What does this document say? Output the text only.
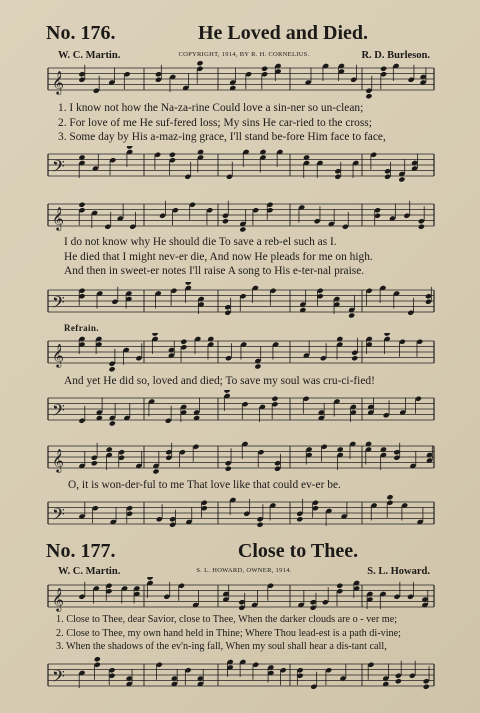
No. 176.	He Loved and Died.
W. C. Martin.	COPYRIGHT, 1914, BY R. H. CORNELIUS.	R. D. Burleson.
𝄞
1. I know not how the Na-za-rine Could love a sin-ner so un-clean;
2. For love of me He suf-fered loss; My sins He car-ried to the cross;
3. Some day by His a-maz-ing grace, I'll stand be-fore Him face to face,
𝄢
𝄞
I do not know why He should die To save a reb-el such as I.
He died that I might nev-er die, And now He pleads for me on high.
And then in sweet-er notes I'll raise A song to His e-ter-nal praise.
𝄢
Refrain.
𝄞
And yet He did so, loved and died; To save my soul was cru-ci-fied!
𝄢
𝄞
O, it is won-der-ful to me That love like that could ev-er be.
𝄢
No. 177.	Close to Thee.
W. C. Martin.	S. L. HOWARD, OWNER, 1914.	S. L. Howard.
𝄞
1. Close to Thee, dear Savior, close to Thee, When the darker clouds are o - ver me;
2. Close to Thee, my own hand held in Thine; Where Thou lead-est is a path di-vine;
3. When the shadows of the ev'n-ing fall, When my soul shall hear a dis-tant call,
𝄢
